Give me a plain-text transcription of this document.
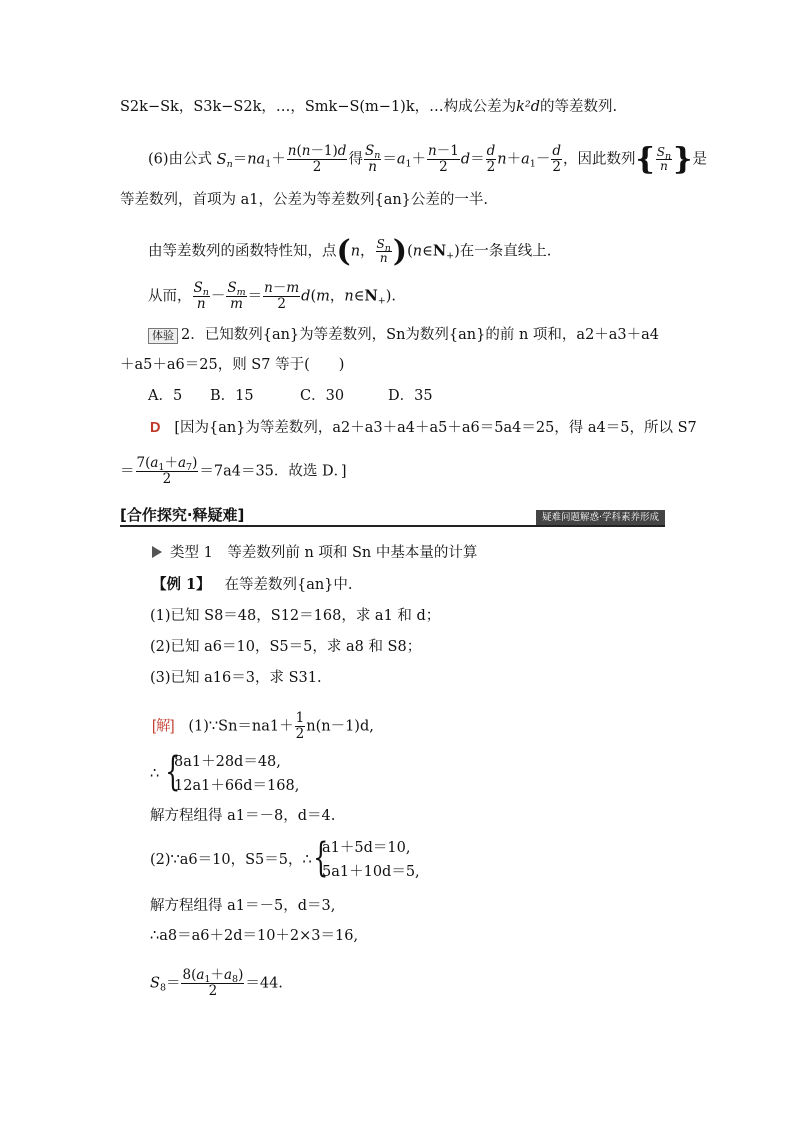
S2k−Sk，S3k−S2k，…，Smk−S(m−1)k，…构成公差为k²d的等差数列.
(6)由公式 $S_n=na_1+ \frac{n(n-1)d}{2}$ 得 $\frac{S_n}{n} =a_1+ \frac{n-1}{2} d= \frac{d}{2} n+a_1- \frac{d}{2}$ ，因此数列{ $\frac{S_n}{n}$ }是
等差数列，首项为 a1，公差为等差数列{an}公差的一半.
由等差数列的函数特性知，点(n， $\frac{S_n}{n}$ )$(n\in N_+)$在一条直线上.
从而， $\frac{S_n}{n} - \frac{S_m}{m} = \frac{n-m}{2} d(m$，$n\in N_+$).
体验 2．已知数列{an}为等差数列，Sn为数列{an}的前 n 项和，a2＋a3＋a4
＋a5＋a6＝25，则 S7 等于(　　)
A．5 B．15	C．30	D．35
D [因为{an}为等差数列，a2＋a3＋a4＋a5＋a6＝5a4＝25，得 a4＝5，所以 S7
＝ $\frac{7(a_1+a_7)}{2} =7a4=35$．故选 D．]
[合作探究·释疑难]	疑难问题解惑·学科素养形成
类型 1　等差数列前 n 项和 Sn 中基本量的计算
【例 1】 在等差数列{an}中.
(1)已知 S8＝48，S12＝168，求 a1 和 d；
(2)已知 a6＝10，S5＝5，求 a8 和 S8；
(3)已知 a16＝3，求 S31.
[解] (1)∵Sn＝na1＋ $\frac{1}{2} n(n-1)d$,
∴ {
8a1＋28d＝48,
12a1＋66d＝168,
解方程组得 a1＝－8，d＝4.
(2)∵a6＝10，S5＝5，∴ {
a1＋5d＝10,
5a1＋10d＝5,
解方程组得 a1＝－5，d＝3,
∴a8＝a6＋2d＝10＋2×3＝16,
$S_8= \frac{8(a_1+a_8)}{2} =44$.
